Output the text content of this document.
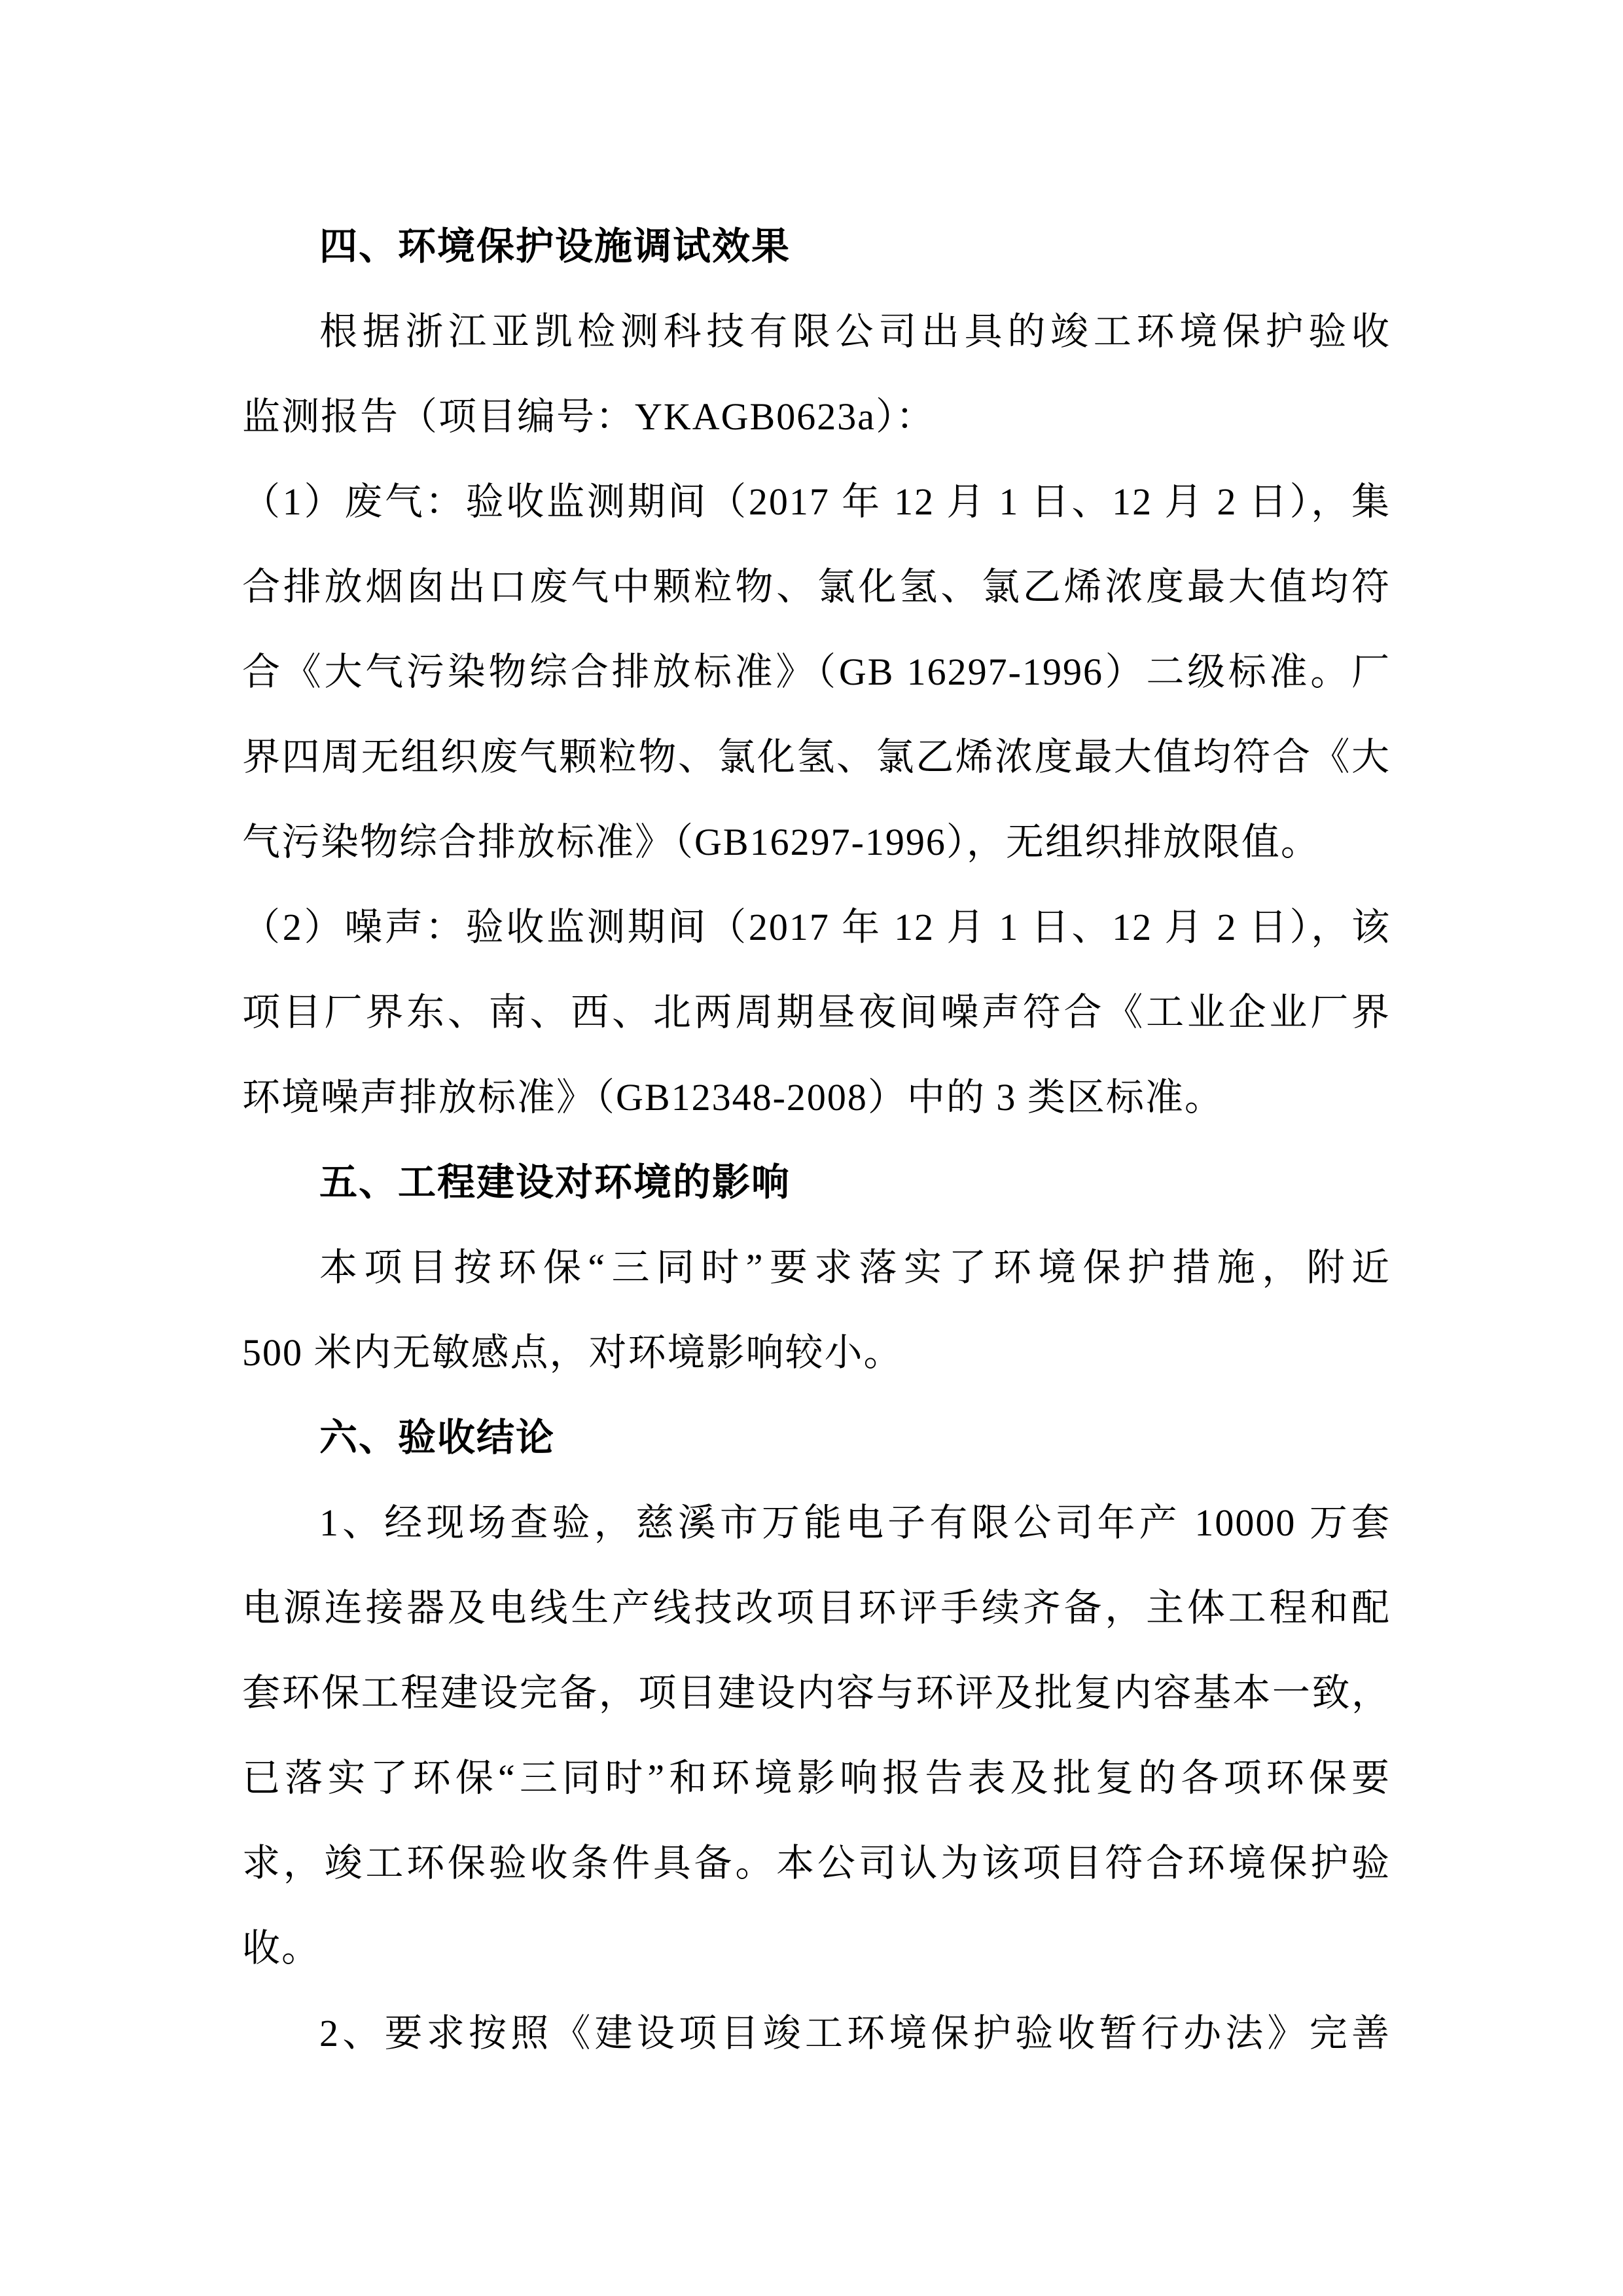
四、环境保护设施调试效果
根据浙江亚凯检测科技有限公司出具的竣工环境保护验收
监测报告（项目编号：YKAGB0623a）：
（1）废气：验收监测期间（2017 年 12 月 1 日、12 月 2 日），集
合排放烟囱出口废气中颗粒物、氯化氢、氯乙烯浓度最大值均符
合《大气污染物综合排放标准》（GB 16297-1996）二级标准。厂
界四周无组织废气颗粒物、氯化氢、氯乙烯浓度最大值均符合《大
气污染物综合排放标准》（GB16297-1996），无组织排放限值。
（2）噪声：验收监测期间（2017 年 12 月 1 日、12 月 2 日），该
项目厂界东、南、西、北两周期昼夜间噪声符合《工业企业厂界
环境噪声排放标准》（GB12348-2008）中的 3 类区标准。
五、工程建设对环境的影响
本项目按环保“三同时”要求落实了环境保护措施，附近
500 米内无敏感点，对环境影响较小。
六、验收结论
1、经现场查验，慈溪市万能电子有限公司年产 10000 万套
电源连接器及电线生产线技改项目环评手续齐备，主体工程和配
套环保工程建设完备，项目建设内容与环评及批复内容基本一致，
已落实了环保“三同时”和环境影响报告表及批复的各项环保要
求，竣工环保验收条件具备。本公司认为该项目符合环境保护验
收。
2、要求按照《建设项目竣工环境保护验收暂行办法》完善
